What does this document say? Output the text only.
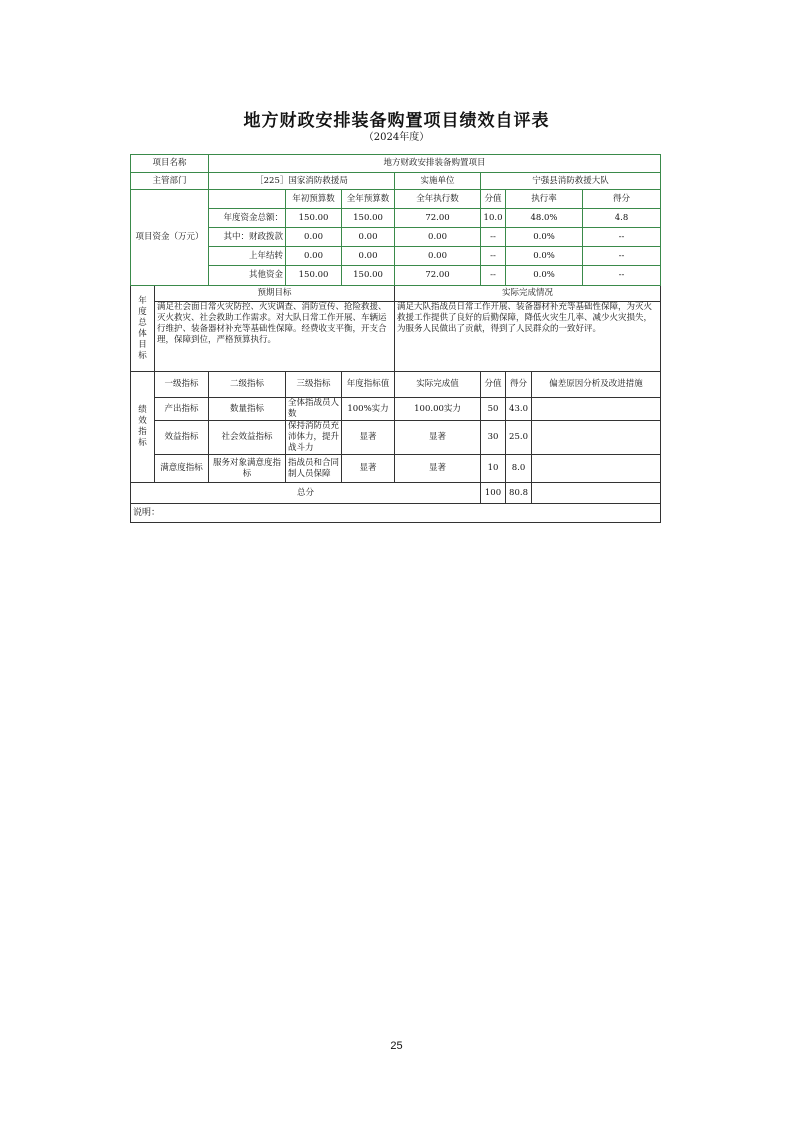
地方财政安排装备购置项目绩效自评表
（2024年度）
项目名称		地方财政安排装备购置项目							
主管部门		［225］国家消防救援局			实施单位	宁强县消防救援大队			
项目资金（万元）			年初预算数	全年预算数	全年执行数	分值	执行率		得分
		年度资金总额：	150.00	150.00	72.00	10.0	48.0%		4.8
		其中：财政拨款	0.00	0.00	0.00	--	0.0%		--
		上年结转	0.00	0.00	0.00	--	0.0%		--
		其他资金	150.00	150.00	72.00	--	0.0%		--
年度总体目标	预期目标				实际完成情况				
	满足社会面日常火灾防控、火灾调查、消防宣传、抢险救援、灭火救灾、社会救助工作需求。对大队日常工作开展、车辆运行维护、装备器材补充等基础性保障。经费收支平衡，开支合理，保障到位，严格预算执行。				满足大队指战员日常工作开展、装备器材补充等基础性保障，为灭火救援工作提供了良好的后勤保障，降低火灾生几率、减少火灾损失，为服务人民做出了贡献，得到了人民群众的一致好评。				
绩效指标	一级指标	二级指标	三级指标	年度指标值	实际完成值	分值	得分	偏差原因分析及改进措施	
	产出指标	数量指标	全体指战员人数	100%实力	100.00实力	50	43.0		
	效益指标	社会效益指标	保持消防员充沛体力，提升战斗力	显著	显著	30	25.0		
	满意度指标	服务对象满意度指标	指战员和合同制人员保障	显著	显著	10	8.0		
总分						100	80.8		
说明：									
25
